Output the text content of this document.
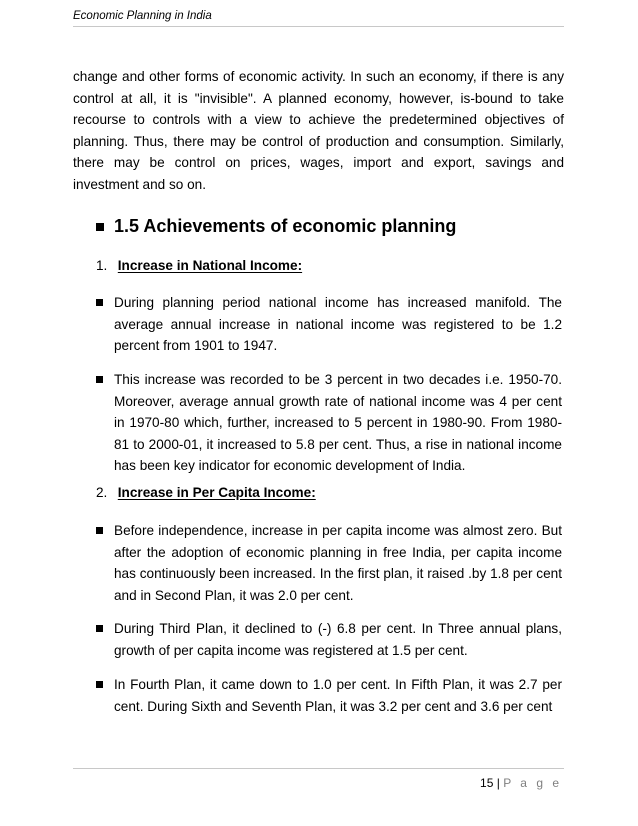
Economic Planning in India

change and other forms of economic activity. In such an economy, if there is any control at all, it is "invisible". A planned economy, however, is-bound to take recourse to controls with a view to achieve the predetermined objectives of planning. Thus, there may be control of production and consumption. Similarly, there may be control on prices, wages, import and export, savings and investment and so on.

1.5 Achievements of economic planning
1. Increase in National Income:
During planning period national income has increased manifold. The average annual increase in national income was registered to be 1.2 percent from 1901 to 1947.
This increase was recorded to be 3 percent in two decades i.e. 1950-70. Moreover, average annual growth rate of national income was 4 per cent in 1970-80 which, further, increased to 5 percent in 1980-90. From 1980-81 to 2000-01, it increased to 5.8 per cent. Thus, a rise in national income has been key indicator for economic development of India.
2. Increase in Per Capita Income:
Before independence, increase in per capita income was almost zero. But after the adoption of economic planning in free India, per capita income has continuously been increased. In the first plan, it raised .by 1.8 per cent and in Second Plan, it was 2.0 per cent.
During Third Plan, it declined to (-) 6.8 per cent. In Three annual plans, growth of per capita income was registered at 1.5 per cent.
In Fourth Plan, it came down to 1.0 per cent. In Fifth Plan, it was 2.7 per cent. During Sixth and Seventh Plan, it was 3.2 per cent and 3.6 per cent
15 | P a g e
